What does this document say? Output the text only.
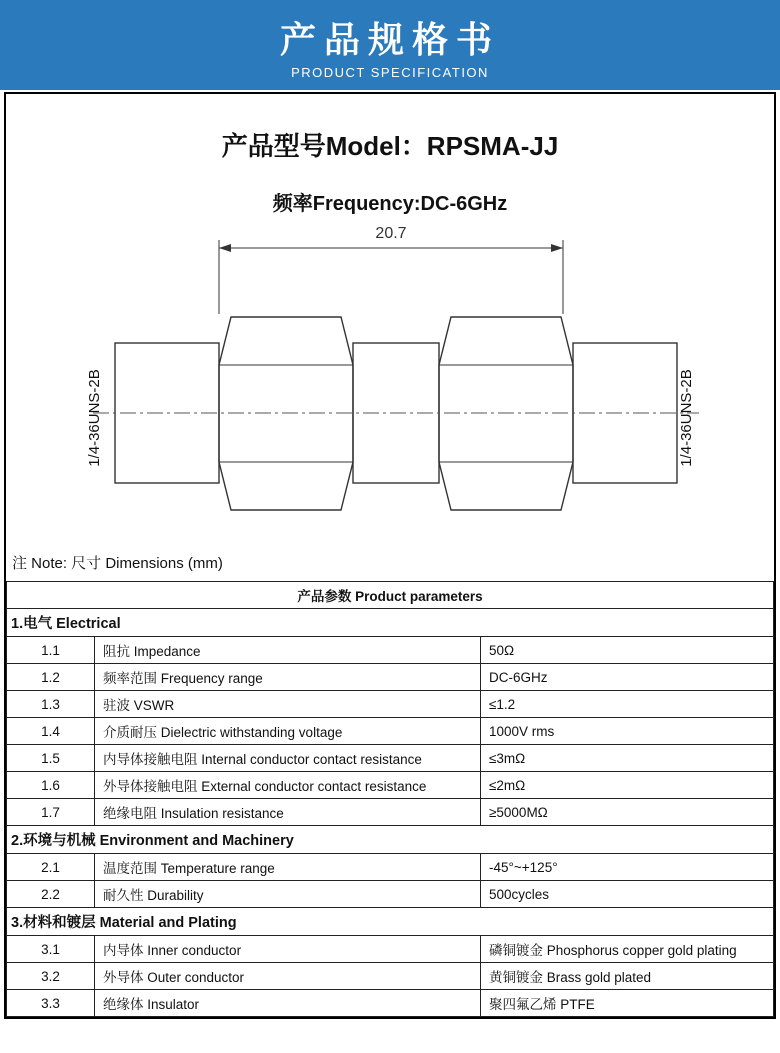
产品规格书
PRODUCT SPECIFICATION
产品型号Model：RPSMA-JJ
频率Frequency:DC-6GHz
20.7
1/4-36UNS-2B	1/4-36UNS-2B
注 Note: 尺寸 Dimensions (mm)
产品参数 Product parameters		
1.电气 Electrical		
1.1	阻抗 Impedance	50Ω
1.2	频率范围 Frequency range	DC-6GHz
1.3	驻波 VSWR	≤1.2
1.4	介质耐压 Dielectric withstanding voltage	1000V rms
1.5	内导体接触电阻 Internal conductor contact resistance	≤3mΩ
1.6	外导体接触电阻 External conductor contact resistance	≤2mΩ
1.7	绝缘电阻 Insulation resistance	≥5000MΩ
2.环境与机械 Environment and Machinery		
2.1	温度范围 Temperature range	-45°~+125°
2.2	耐久性 Durability	500cycles
3.材料和镀层 Material and Plating		
3.1	内导体 Inner conductor	磷铜镀金 Phosphorus copper gold plating
3.2	外导体 Outer conductor	黄铜镀金 Brass gold plated
3.3	绝缘体 Insulator	聚四氟乙烯 PTFE
